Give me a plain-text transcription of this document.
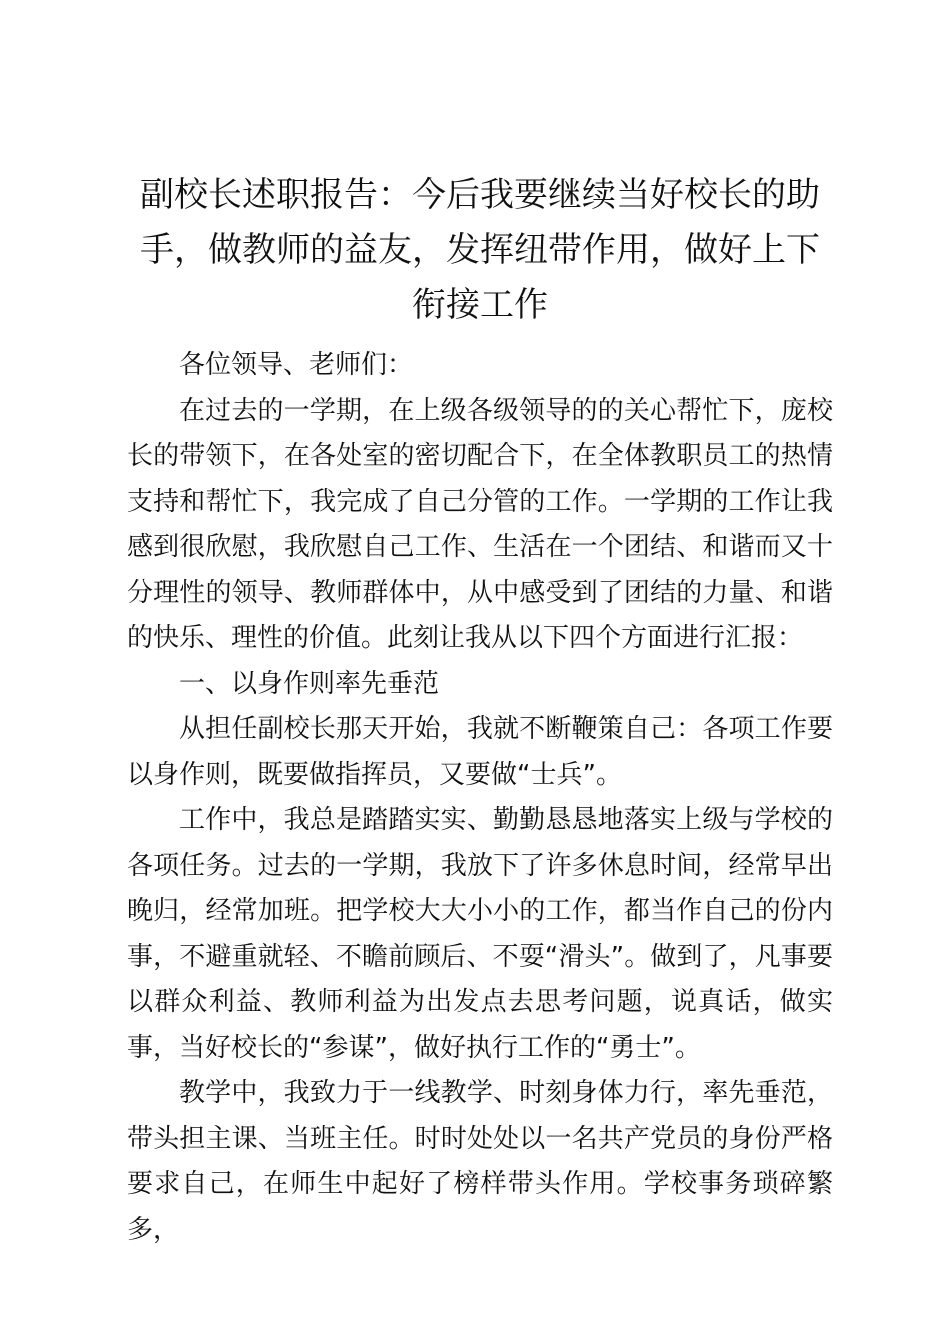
副校长述职报告：今后我要继续当好校长的助手，做教师的益友，发挥纽带作用，做好上下衔接工作

各位领导、老师们：

在过去的一学期，在上级各级领导的的关心帮忙下，庞校长的带领下，在各处室的密切配合下，在全体教职员工的热情支持和帮忙下，我完成了自己分管的工作。一学期的工作让我感到很欣慰，我欣慰自己工作、生活在一个团结、和谐而又十分理性的领导、教师群体中，从中感受到了团结的力量、和谐的快乐、理性的价值。此刻让我从以下四个方面进行汇报：

一、以身作则率先垂范

从担任副校长那天开始，我就不断鞭策自己：各项工作要以身作则，既要做指挥员，又要做“士兵”。

工作中，我总是踏踏实实、勤勤恳恳地落实上级与学校的各项任务。过去的一学期，我放下了许多休息时间，经常早出晚归，经常加班。把学校大大小小的工作，都当作自己的份内事，不避重就轻、不瞻前顾后、不耍“滑头”。做到了，凡事要以群众利益、教师利益为出发点去思考问题，说真话，做实事，当好校长的“参谋”，做好执行工作的“勇士”。

教学中，我致力于一线教学、时刻身体力行，率先垂范，带头担主课、当班主任。时时处处以一名共产党员的身份严格要求自己，在师生中起好了榜样带头作用。学校事务琐碎繁多，
